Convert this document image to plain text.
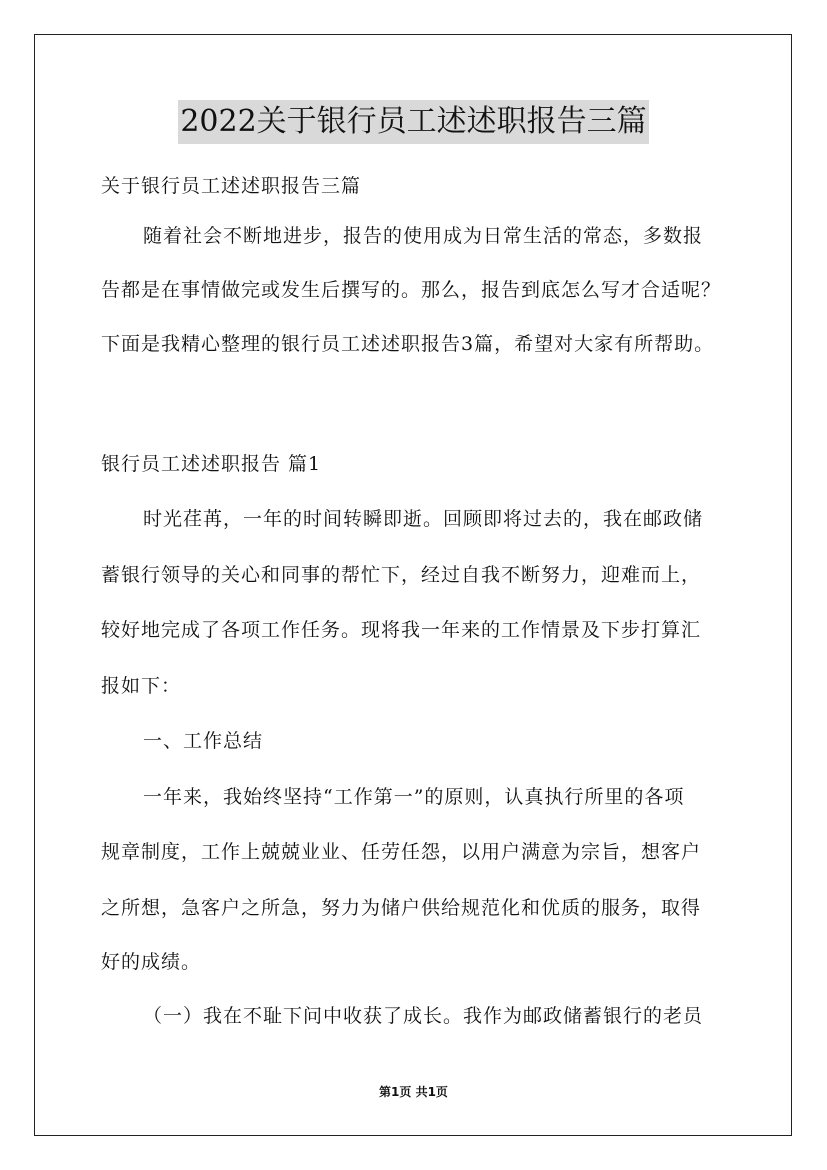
2022关于银行员工述述职报告三篇
关于银行员工述述职报告三篇
随着社会不断地进步，报告的使用成为日常生活的常态，多数报
告都是在事情做完或发生后撰写的。那么，报告到底怎么写才合适呢？
下面是我精心整理的银行员工述述职报告3篇，希望对大家有所帮助。
银行员工述述职报告 篇1
时光荏苒，一年的时间转瞬即逝。回顾即将过去的，我在邮政储
蓄银行领导的关心和同事的帮忙下，经过自我不断努力，迎难而上，
较好地完成了各项工作任务。现将我一年来的工作情景及下步打算汇
报如下：
一、工作总结
一年来，我始终坚持“工作第一”的原则，认真执行所里的各项
规章制度，工作上兢兢业业、任劳任怨，以用户满意为宗旨，想客户
之所想，急客户之所急，努力为储户供给规范化和优质的服务，取得
好的成绩。
（一）我在不耻下问中收获了成长。我作为邮政储蓄银行的老员
第1页 共1页
